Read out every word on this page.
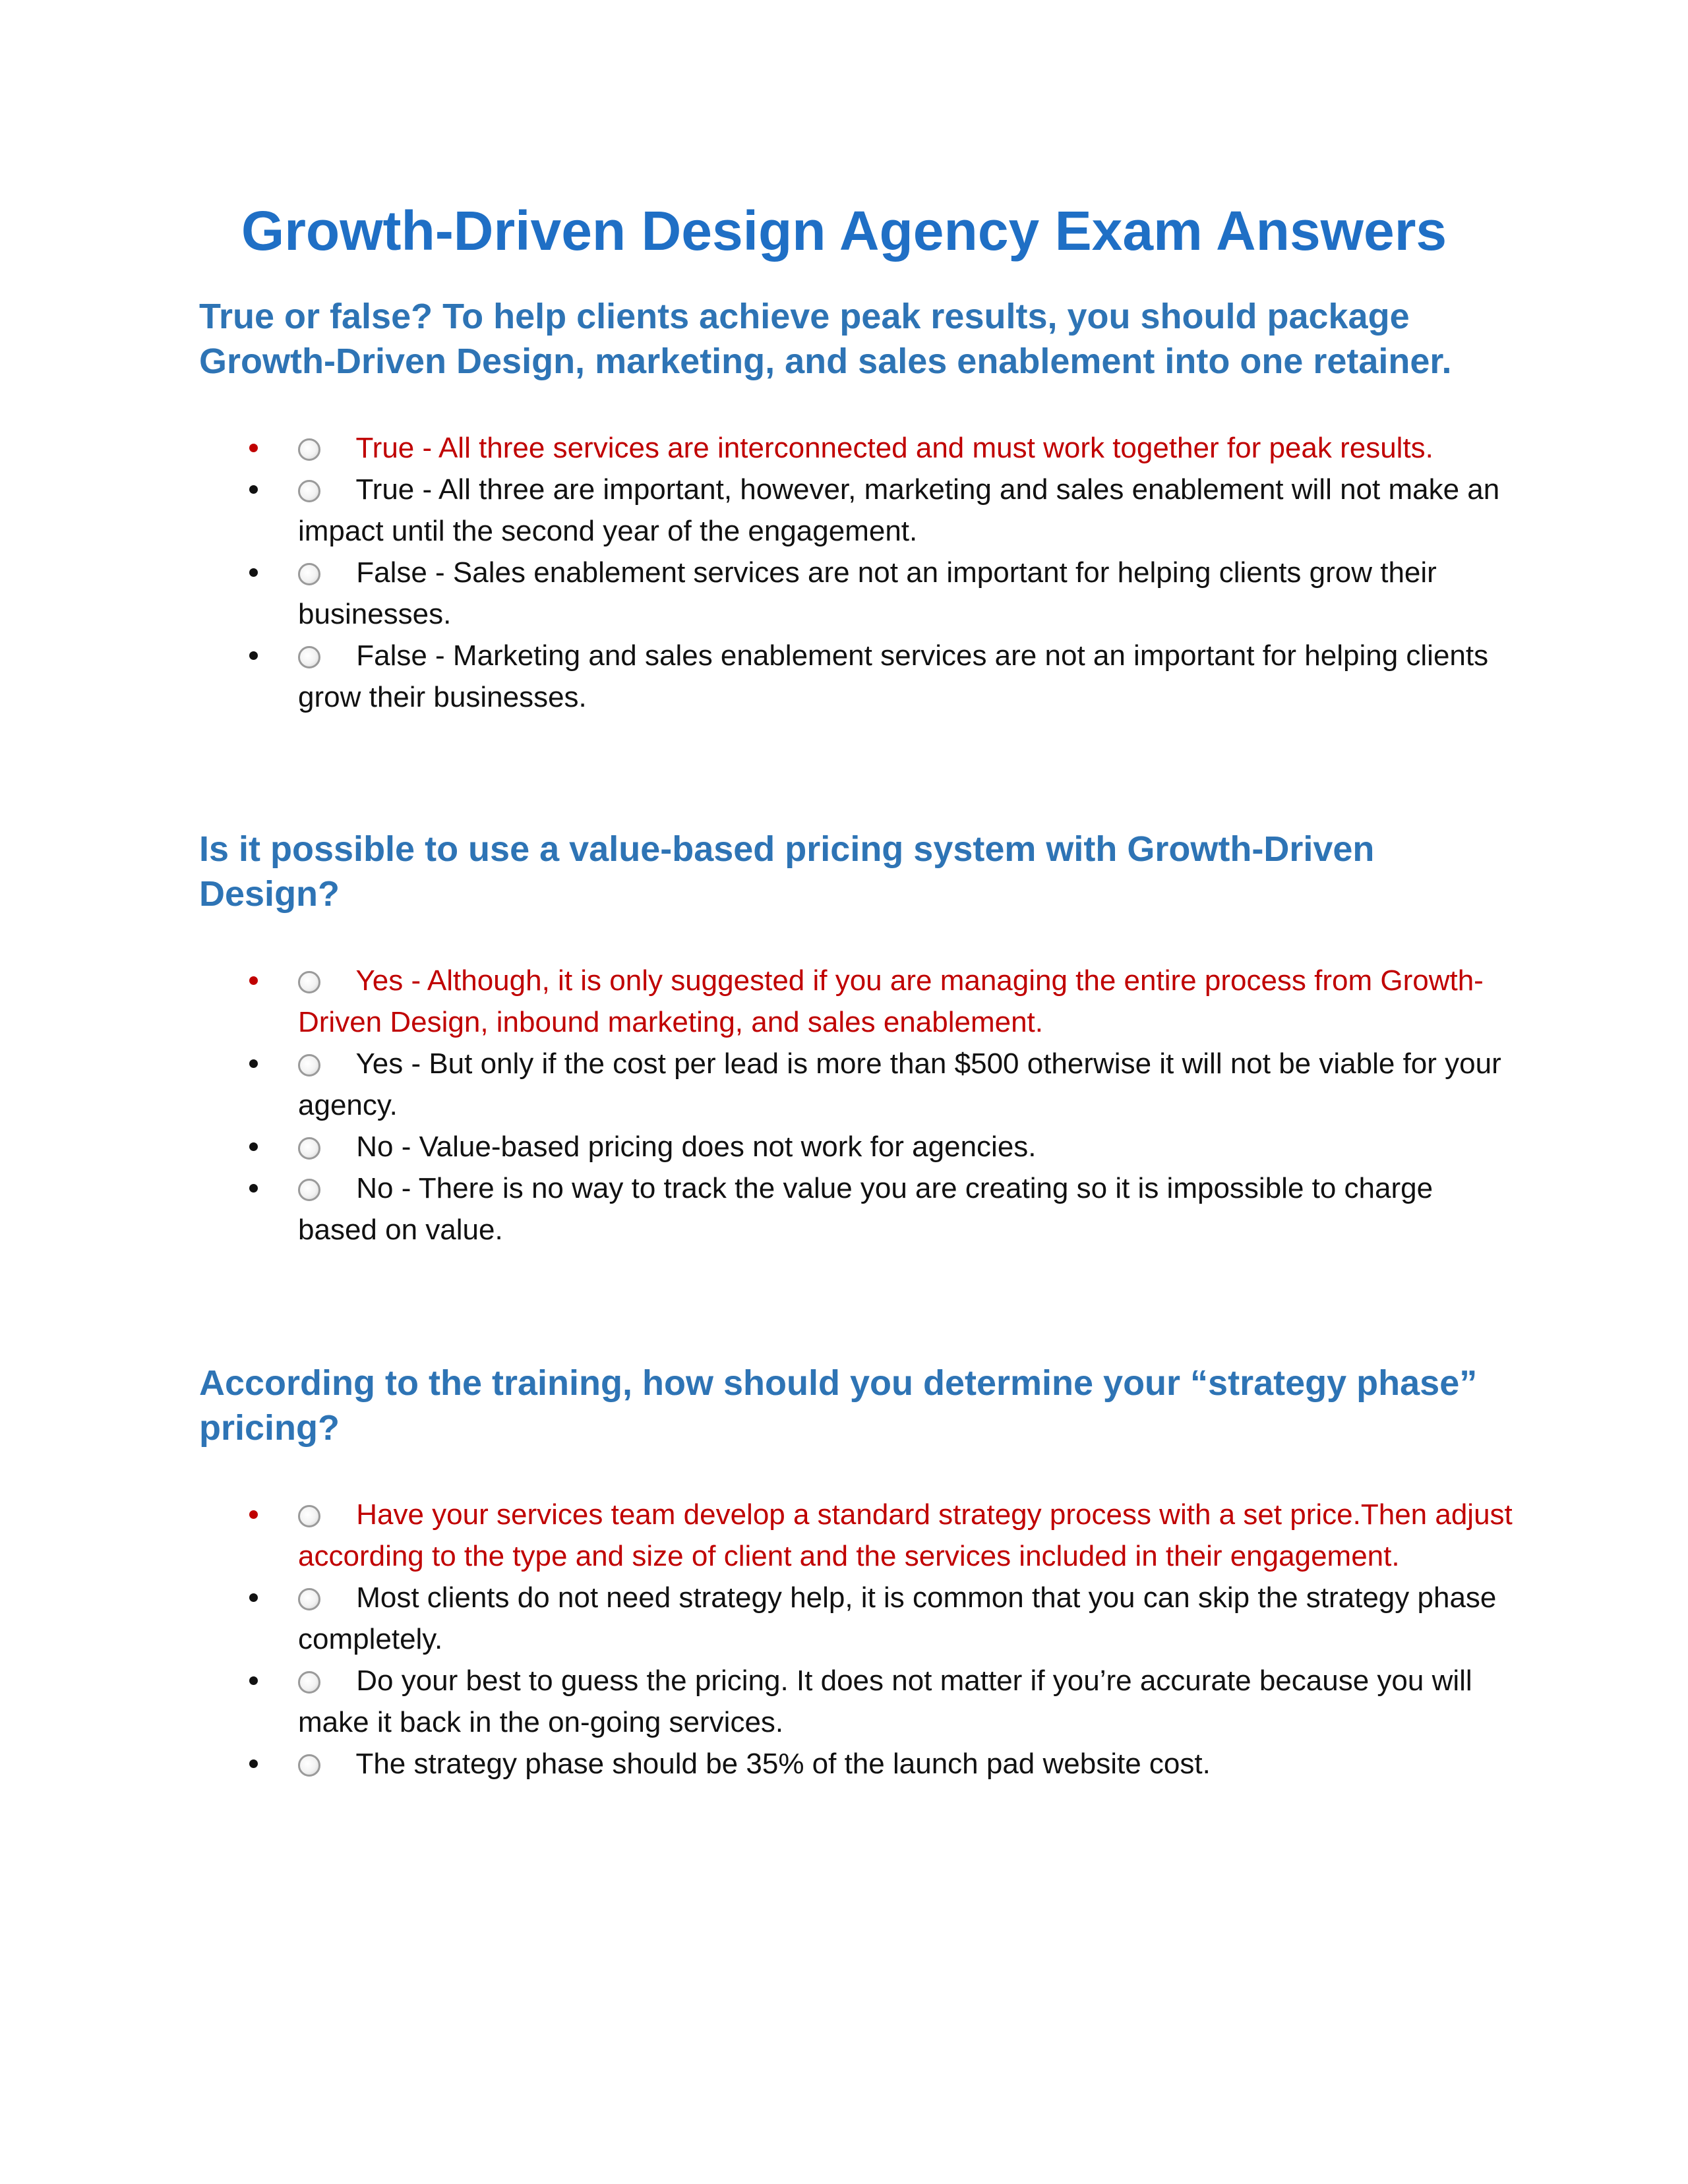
Growth-Driven Design Agency Exam Answers
True or false? To help clients achieve peak results, you should package Growth-Driven Design, marketing, and sales enablement into one retainer.
True - All three services are interconnected and must work together for peak results.
True - All three are important, however, marketing and sales enablement will not make an impact until the second year of the engagement.
False - Sales enablement services are not an important for helping clients grow their businesses.
False - Marketing and sales enablement services are not an important for helping clients grow their businesses.
Is it possible to use a value-based pricing system with Growth-Driven Design?
Yes - Although, it is only suggested if you are managing the entire process from Growth-Driven Design, inbound marketing, and sales enablement.
Yes - But only if the cost per lead is more than $500 otherwise it will not be viable for your agency.
No - Value-based pricing does not work for agencies.
No - There is no way to track the value you are creating so it is impossible to charge based on value.
According to the training, how should you determine your “strategy phase” pricing?
Have your services team develop a standard strategy process with a set price.Then adjust according to the type and size of client and the services included in their engagement.
Most clients do not need strategy help, it is common that you can skip the strategy phase completely.
Do your best to guess the pricing. It does not matter if you’re accurate because you will make it back in the on-going services.
The strategy phase should be 35% of the launch pad website cost.
